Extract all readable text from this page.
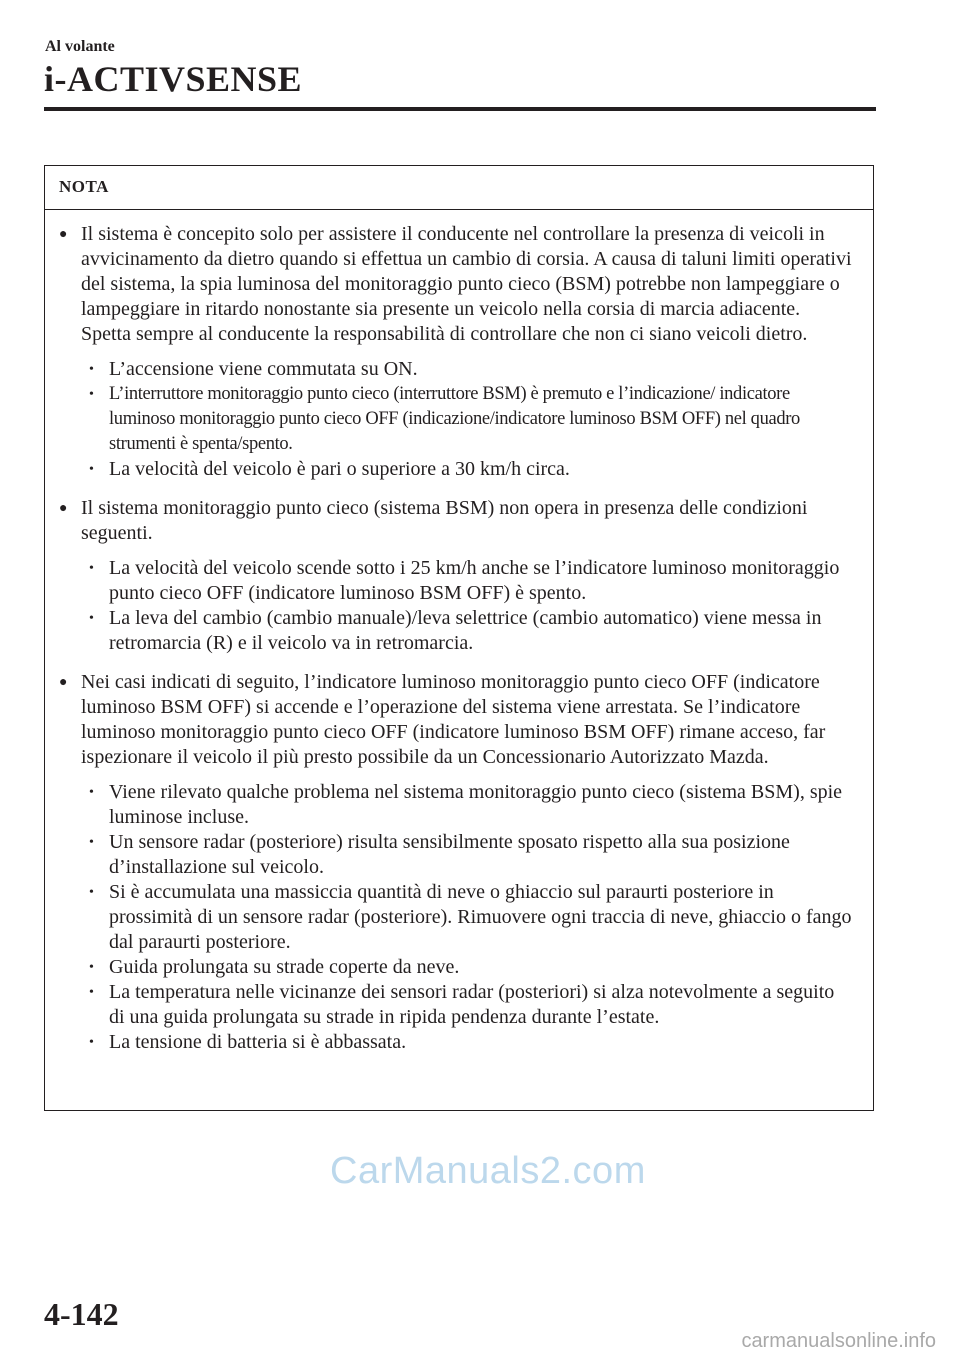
Al volante
i-ACTIVSENSE
NOTA
● Il sistema è concepito solo per assistere il conducente nel controllare la presenza di veicoli in avvicinamento da dietro quando si effettua un cambio di corsia. A causa di taluni limiti operativi del sistema, la spia luminosa del monitoraggio punto cieco (BSM) potrebbe non lampeggiare o lampeggiare in ritardo nonostante sia presente un veicolo nella corsia di marcia adiacente. Spetta sempre al conducente la responsabilità di controllare che non ci siano veicoli dietro.
• L’accensione viene commutata su ON.
• L’interruttore monitoraggio punto cieco (interruttore BSM) è premuto e l’indicazione/ indicatore luminoso monitoraggio punto cieco OFF (indicazione/indicatore luminoso BSM OFF) nel quadro strumenti è spenta/spento.
• La velocità del veicolo è pari o superiore a 30 km/h circa.
● Il sistema monitoraggio punto cieco (sistema BSM) non opera in presenza delle condizioni seguenti.
• La velocità del veicolo scende sotto i 25 km/h anche se l’indicatore luminoso monitoraggio punto cieco OFF (indicatore luminoso BSM OFF) è spento.
• La leva del cambio (cambio manuale)/leva selettrice (cambio automatico) viene messa in retromarcia (R) e il veicolo va in retromarcia.
● Nei casi indicati di seguito, l’indicatore luminoso monitoraggio punto cieco OFF (indicatore luminoso BSM OFF) si accende e l’operazione del sistema viene arrestata. Se l’indicatore luminoso monitoraggio punto cieco OFF (indicatore luminoso BSM OFF) rimane acceso, far ispezionare il veicolo il più presto possibile da un Concessionario Autorizzato Mazda.
• Viene rilevato qualche problema nel sistema monitoraggio punto cieco (sistema BSM), spie luminose incluse.
• Un sensore radar (posteriore) risulta sensibilmente sposato rispetto alla sua posizione d’installazione sul veicolo.
• Si è accumulata una massiccia quantità di neve o ghiaccio sul paraurti posteriore in prossimità di un sensore radar (posteriore). Rimuovere ogni traccia di neve, ghiaccio o fango dal paraurti posteriore.
• Guida prolungata su strade coperte da neve.
• La temperatura nelle vicinanze dei sensori radar (posteriori) si alza notevolmente a seguito di una guida prolungata su strade in ripida pendenza durante l’estate.
• La tensione di batteria si è abbassata.
CarManuals2.com
4-142
carmanualsonline.info
